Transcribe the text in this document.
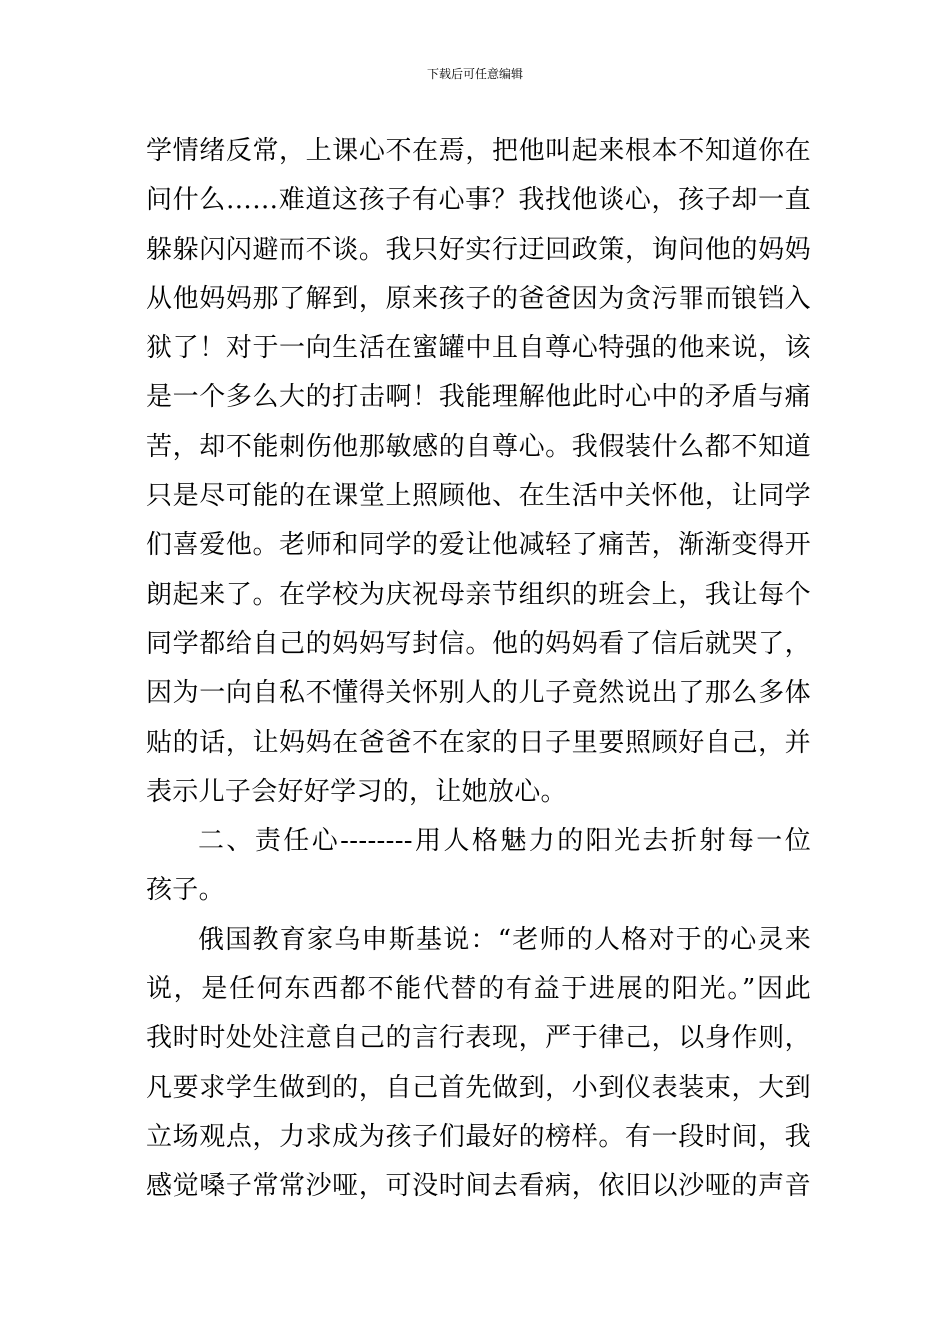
下载后可任意编辑
学情绪反常，上课心不在焉，把他叫起来根本不知道你在
问什么……难道这孩子有心事？我找他谈心，孩子却一直
躲躲闪闪避而不谈。我只好实行迂回政策，询问他的妈妈
从他妈妈那了解到，原来孩子的爸爸因为贪污罪而锒铛入
狱了！对于一向生活在蜜罐中且自尊心特强的他来说，该
是一个多么大的打击啊！我能理解他此时心中的矛盾与痛
苦，却不能刺伤他那敏感的自尊心。我假装什么都不知道
只是尽可能的在课堂上照顾他、在生活中关怀他，让同学
们喜爱他。老师和同学的爱让他减轻了痛苦，渐渐变得开
朗起来了。在学校为庆祝母亲节组织的班会上，我让每个
同学都给自己的妈妈写封信。他的妈妈看了信后就哭了，
因为一向自私不懂得关怀别人的儿子竟然说出了那么多体
贴的话，让妈妈在爸爸不在家的日子里要照顾好自己，并
表示儿子会好好学习的，让她放心。
二、责任心--------用人格魅力的阳光去折射每一位
孩子。
俄国教育家乌申斯基说：“老师的人格对于的心灵来
说，是任何东西都不能代替的有益于进展的阳光。”因此
我时时处处注意自己的言行表现，严于律己，以身作则，
凡要求学生做到的，自己首先做到，小到仪表装束，大到
立场观点，力求成为孩子们最好的榜样。有一段时间，我
感觉嗓子常常沙哑，可没时间去看病，依旧以沙哑的声音
